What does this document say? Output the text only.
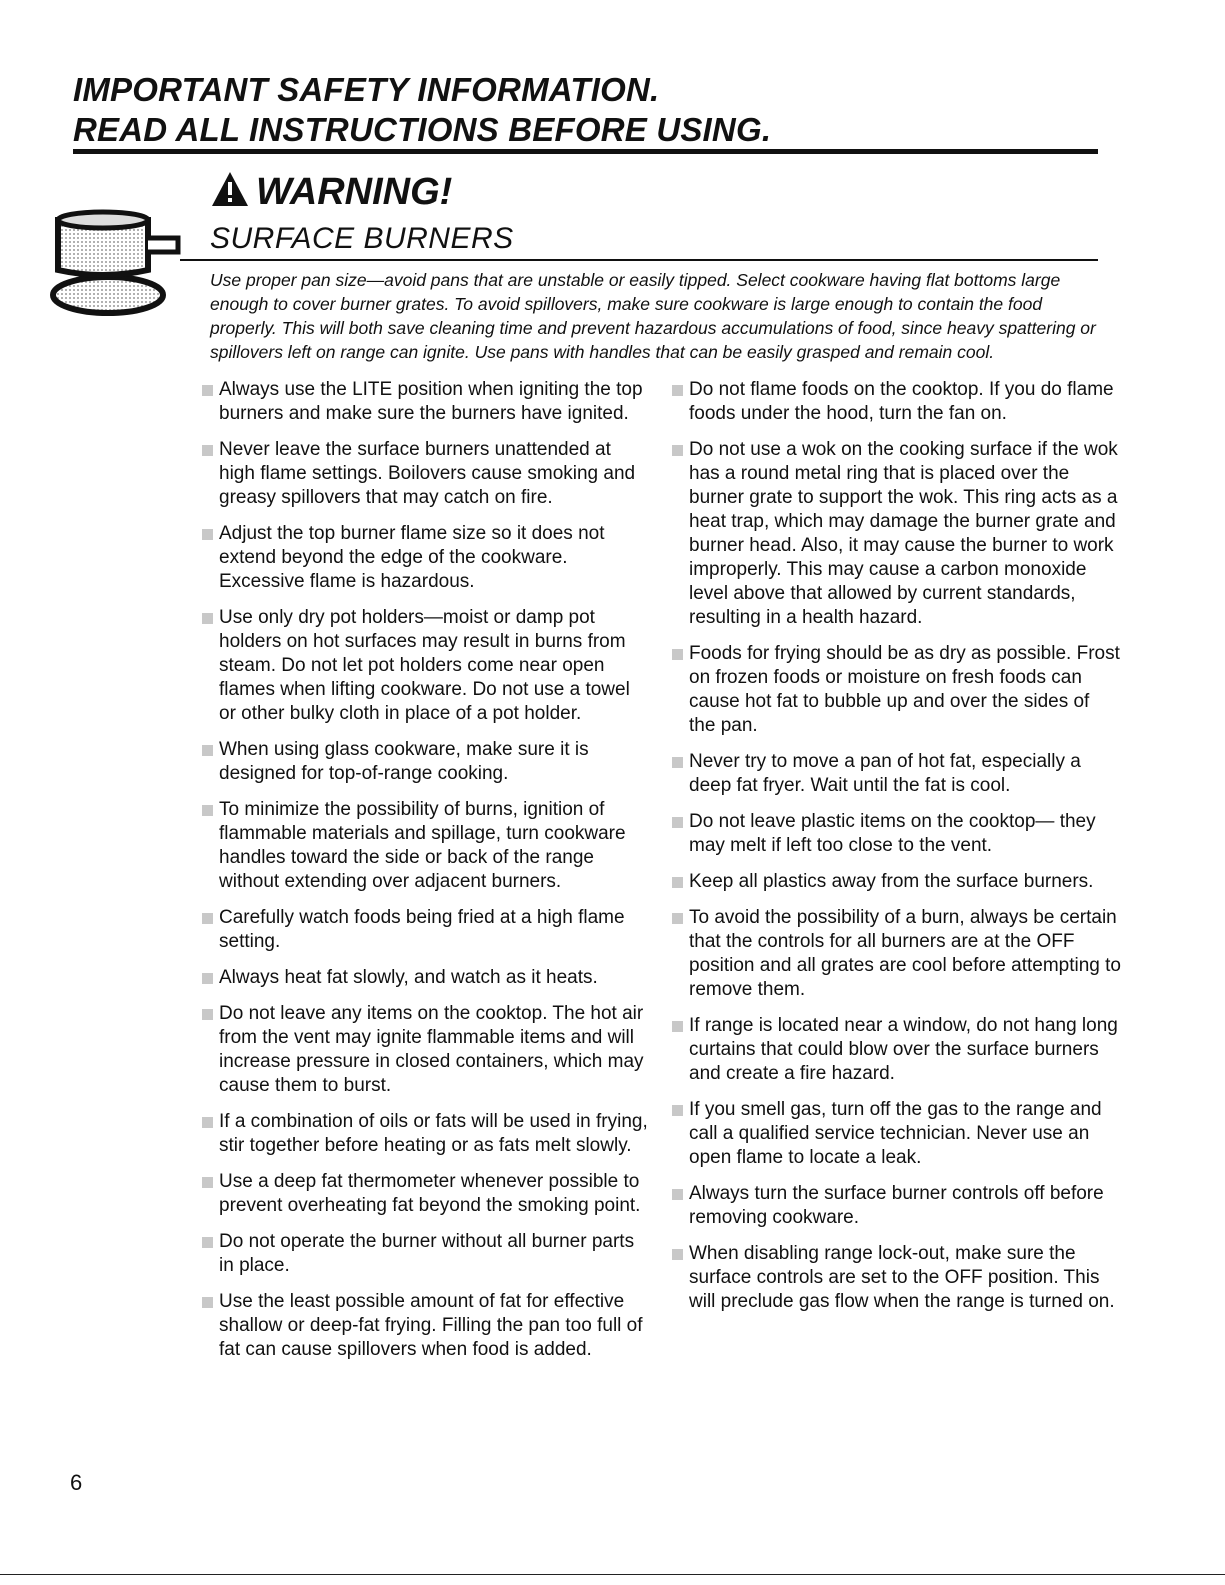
IMPORTANT SAFETY INFORMATION.
READ ALL INSTRUCTIONS BEFORE USING.
WARNING!
SURFACE BURNERS
Use proper pan size—avoid pans that are unstable or easily tipped. Select cookware having flat bottoms large enough to cover burner grates. To avoid spillovers, make sure cookware is large enough to contain the food properly. This will both save cleaning time and prevent hazardous accumulations of food, since heavy spattering or spillovers left on range can ignite. Use pans with handles that can be easily grasped and remain cool.
Always use the LITE position when igniting the top burners and make sure the burners have ignited.
Never leave the surface burners unattended at high flame settings. Boilovers cause smoking and greasy spillovers that may catch on fire.
Adjust the top burner flame size so it does not extend beyond the edge of the cookware. Excessive flame is hazardous.
Use only dry pot holders—moist or damp pot holders on hot surfaces may result in burns from steam. Do not let pot holders come near open flames when lifting cookware. Do not use a towel or other bulky cloth in place of a pot holder.
When using glass cookware, make sure it is designed for top-of-range cooking.
To minimize the possibility of burns, ignition of flammable materials and spillage, turn cookware handles toward the side or back of the range without extending over adjacent burners.
Carefully watch foods being fried at a high flame setting.
Always heat fat slowly, and watch as it heats.
Do not leave any items on the cooktop. The hot air from the vent may ignite flammable items and will increase pressure in closed containers, which may cause them to burst.
If a combination of oils or fats will be used in frying, stir together before heating or as fats melt slowly.
Use a deep fat thermometer whenever possible to prevent overheating fat beyond the smoking point.
Do not operate the burner without all burner parts in place.
Use the least possible amount of fat for effective shallow or deep-fat frying. Filling the pan too full of fat can cause spillovers when food is added.
Do not flame foods on the cooktop. If you do flame foods under the hood, turn the fan on.
Do not use a wok on the cooking surface if the wok has a round metal ring that is placed over the burner grate to support the wok. This ring acts as a heat trap, which may damage the burner grate and burner head. Also, it may cause the burner to work improperly. This may cause a carbon monoxide level above that allowed by current standards, resulting in a health hazard.
Foods for frying should be as dry as possible. Frost on frozen foods or moisture on fresh foods can cause hot fat to bubble up and over the sides of the pan.
Never try to move a pan of hot fat, especially a deep fat fryer. Wait until the fat is cool.
Do not leave plastic items on the cooktop— they may melt if left too close to the vent.
Keep all plastics away from the surface burners.
To avoid the possibility of a burn, always be certain that the controls for all burners are at the OFF position and all grates are cool before attempting to remove them.
If range is located near a window, do not hang long curtains that could blow over the surface burners and create a fire hazard.
If you smell gas, turn off the gas to the range and call a qualified service technician. Never use an open flame to locate a leak.
Always turn the surface burner controls off before removing cookware.
When disabling range lock-out, make sure the surface controls are set to the OFF position. This will preclude gas flow when the range is turned on.
6
